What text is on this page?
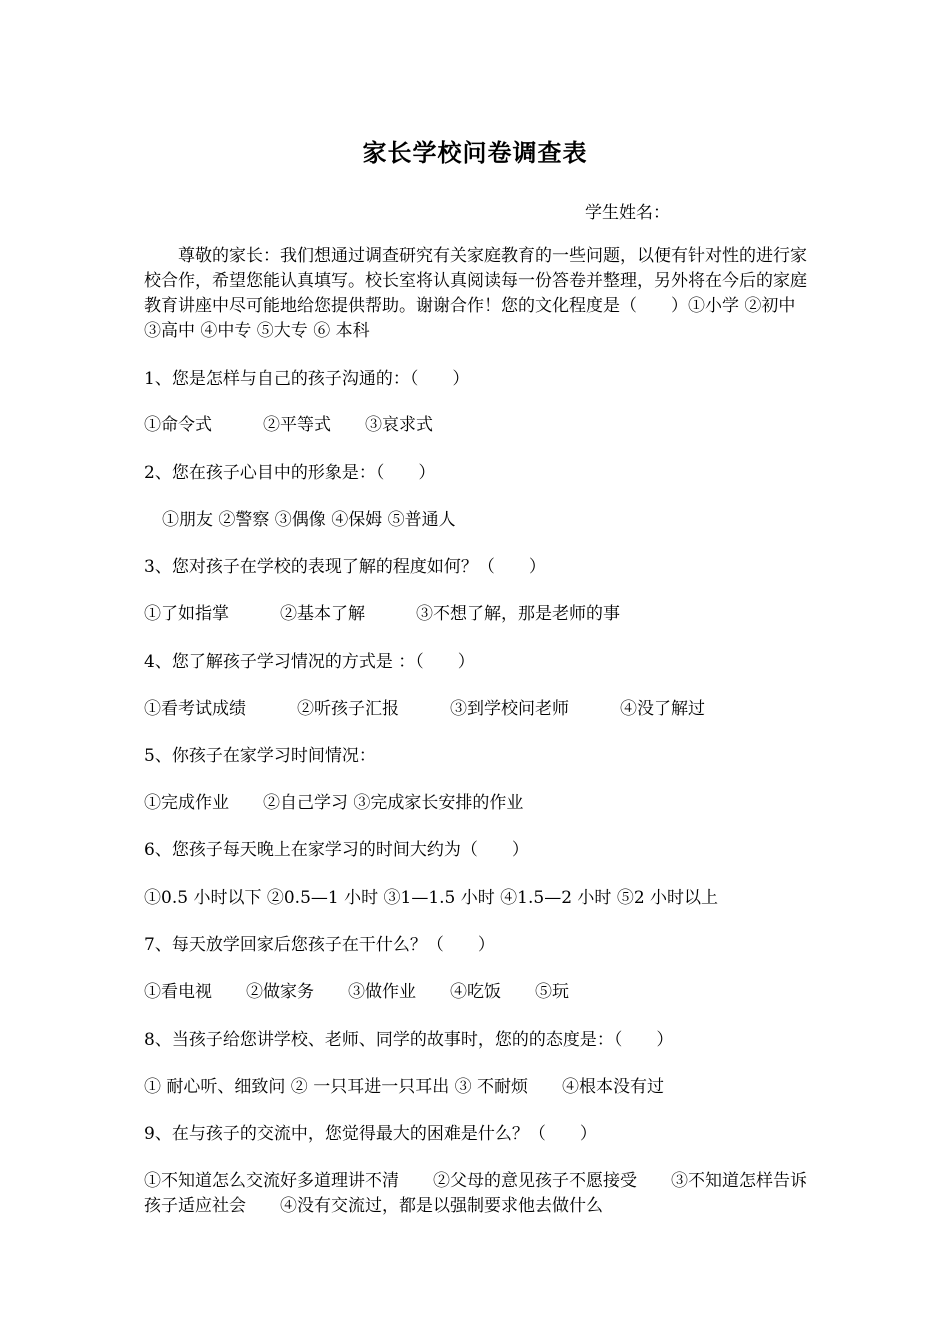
家长学校问卷调查表
学生姓名：
尊敬的家长：我们想通过调查研究有关家庭教育的一些问题，以便有针对性的进行家校合作，希望您能认真填写。校长室将认真阅读每一份答卷并整理，另外将在今后的家庭教育讲座中尽可能地给您提供帮助。谢谢合作！您的文化程度是（　　）①小学 ②初中 ③高中 ④中专 ⑤大专 ⑥ 本科
1、您是怎样与自己的孩子沟通的：（　　）
①命令式　　　②平等式　　③哀求式
2、您在孩子心目中的形象是：（　　）
①朋友 ②警察 ③偶像 ④保姆 ⑤普通人
3、您对孩子在学校的表现了解的程度如何？（　　）
①了如指掌　　　②基本了解　　　③不想了解，那是老师的事
4、您了解孩子学习情况的方式是 ：（　　）
①看考试成绩　　　②听孩子汇报　　　③到学校问老师　　　④没了解过
5、你孩子在家学习时间情况：
①完成作业　　②自己学习 ③完成家长安排的作业
6、您孩子每天晚上在家学习的时间大约为（　　）
①0.5 小时以下 ②0.5—1 小时 ③1—1.5 小时 ④1.5—2 小时 ⑤2 小时以上
7、每天放学回家后您孩子在干什么？（　　）
①看电视　　②做家务　　③做作业　　④吃饭　　⑤玩
8、当孩子给您讲学校、老师、同学的故事时，您的的态度是：（　　）
① 耐心听、细致问 ② 一只耳进一只耳出 ③ 不耐烦　　④根本没有过
9、在与孩子的交流中，您觉得最大的困难是什么？（　　）
①不知道怎么交流好多道理讲不清　　②父母的意见孩子不愿接受　　③不知道怎样告诉孩子适应社会　　④没有交流过，都是以强制要求他去做什么
